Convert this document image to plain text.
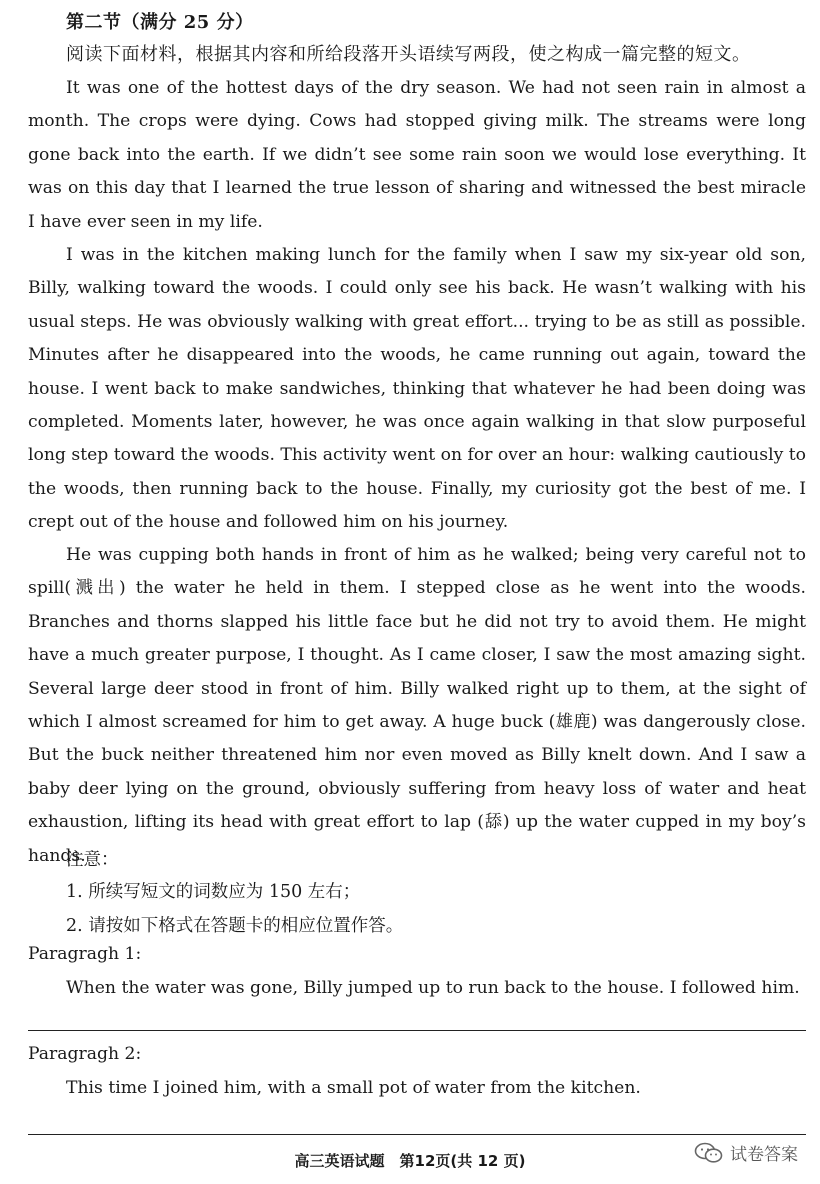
第二节（满分 25 分）
阅读下面材料，根据其内容和所给段落开头语续写两段，使之构成一篇完整的短文。

It was one of the hottest days of the dry season. We had not seen rain in almost a month. The crops were dying. Cows had stopped giving milk. The streams were long gone back into the earth. If we didn’t see some rain soon we would lose everything. It was on this day that I learned the true lesson of sharing and witnessed the best miracle I have ever seen in my life.

I was in the kitchen making lunch for the family when I saw my six-year old son, Billy, walking toward the woods. I could only see his back. He wasn’t walking with his usual steps. He was obviously walking with great effort... trying to be as still as possible. Minutes after he disappeared into the woods, he came running out again, toward the house. I went back to make sandwiches, thinking that whatever he had been doing was completed. Moments later, however, he was once again walking in that slow purposeful long step toward the woods. This activity went on for over an hour: walking cautiously to the woods, then running back to the house. Finally, my curiosity got the best of me. I crept out of the house and followed him on his journey.

He was cupping both hands in front of him as he walked; being very careful not to spill(溅出) the water he held in them. I stepped close as he went into the woods. Branches and thorns slapped his little face but he did not try to avoid them. He might have a much greater purpose, I thought. As I came closer, I saw the most amazing sight. Several large deer stood in front of him. Billy walked right up to them, at the sight of which I almost screamed for him to get away. A huge buck (雄鹿) was dangerously close. But the buck neither threatened him nor even moved as Billy knelt down. And I saw a baby deer lying on the ground, obviously suffering from heavy loss of water and heat exhaustion, lifting its head with great effort to lap (舔) up the water cupped in my boy’s hands.

注意：
1. 所续写短文的词数应为 150 左右；
2. 请按如下格式在答题卡的相应位置作答。
Paragragh 1:
When the water was gone, Billy jumped up to run back to the house. I followed him.
Paragragh 2:
This time I joined him, with a small pot of water from the kitchen.
高三英语试题　第12页(共 12 页)	试卷答案
